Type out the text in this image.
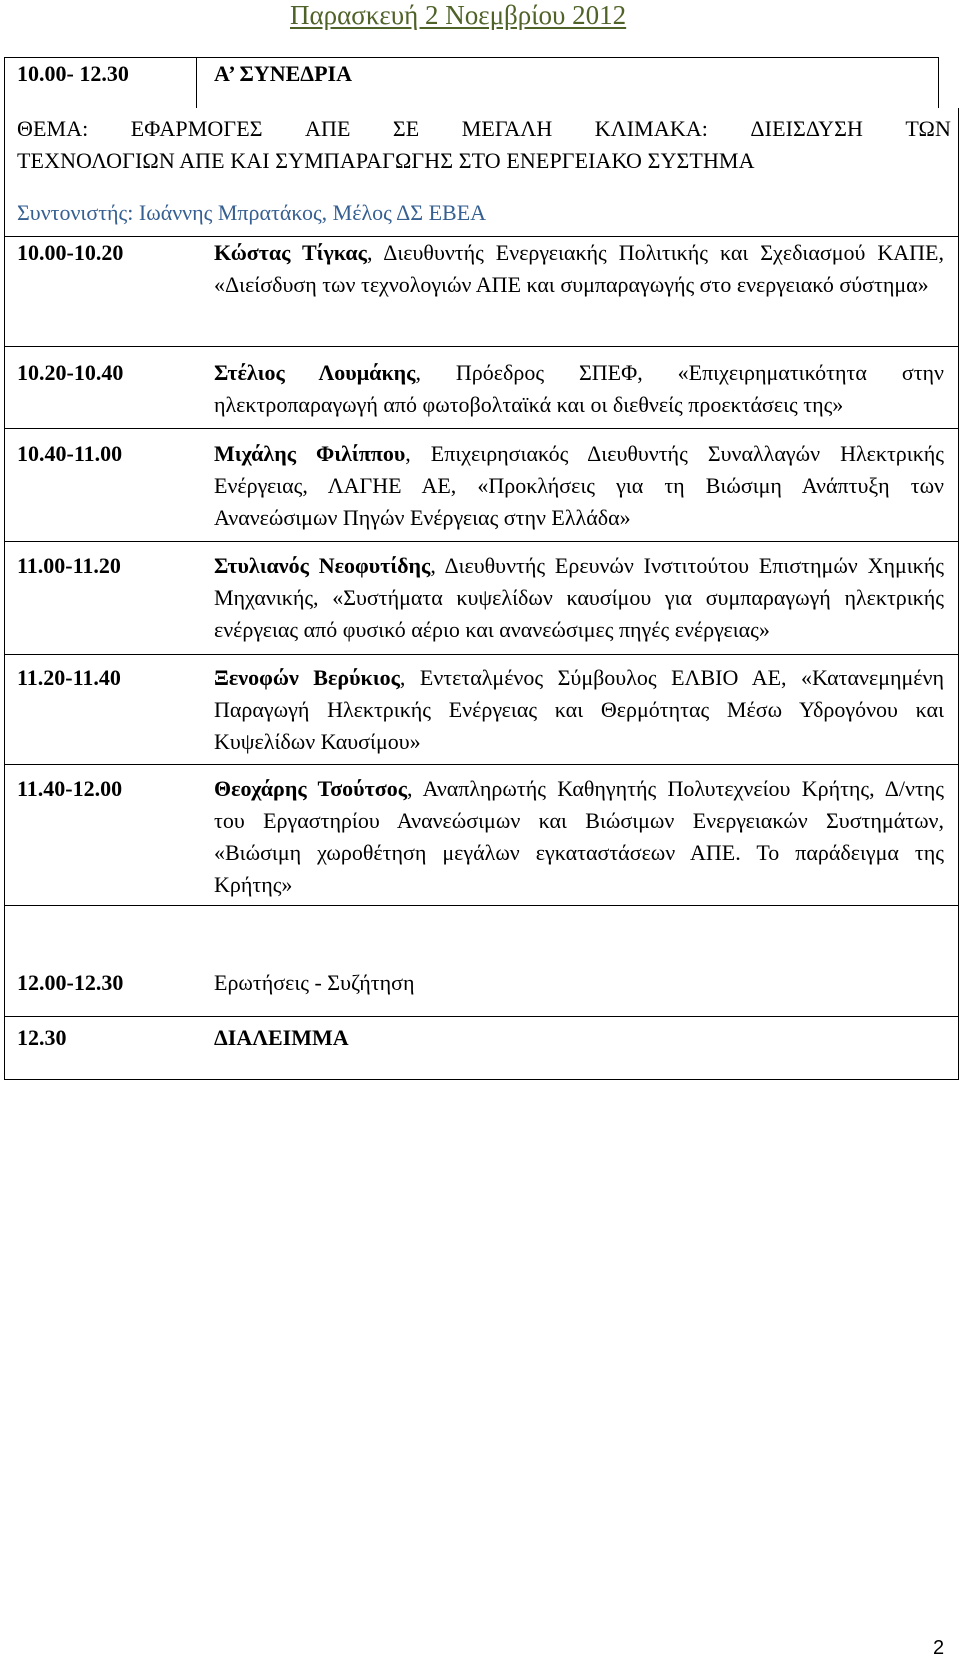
Παρασκευή 2 Νοεμβρίου 2012
10.00- 12.30	Α’ ΣΥΝΕΔΡΙΑ
ΘΕΜΑ: ΕΦΑΡΜΟΓΕΣ ΑΠΕ ΣΕ ΜΕΓΑΛΗ ΚΛΙΜΑΚΑ: ΔΙΕΙΣΔΥΣΗ ΤΩΝ
ΤΕΧΝΟΛΟΓΙΩΝ ΑΠΕ ΚΑΙ ΣΥΜΠΑΡΑΓΩΓΗΣ ΣΤΟ ΕΝΕΡΓΕΙΑΚΟ ΣΥΣΤΗΜΑ
Συντονιστής: Ιωάννης Μπρατάκος, Μέλος ΔΣ ΕΒΕΑ
10.00-10.20	Κώστας Τίγκας, Διευθυντής Ενεργειακής Πολιτικής και Σχεδιασμού ΚΑΠΕ, «Διείσδυση των τεχνολογιών ΑΠΕ και συμπαραγωγής στο ενεργειακό σύστημα»
10.20-10.40	Στέλιος Λουμάκης, Πρόεδρος ΣΠΕΦ, «Επιχειρηματικότητα στην ηλεκτροπαραγωγή από φωτοβολταϊκά και οι διεθνείς προεκτάσεις της»
10.40-11.00	Μιχάλης Φιλίππου, Επιχειρησιακός Διευθυντής Συναλλαγών Ηλεκτρικής Ενέργειας, ΛΑΓΗΕ ΑΕ, «Προκλήσεις για τη Βιώσιμη Ανάπτυξη των Ανανεώσιμων Πηγών Ενέργειας στην Ελλάδα»
11.00-11.20	Στυλιανός Νεοφυτίδης, Διευθυντής Ερευνών Ινστιτούτου Επιστημών Χημικής Μηχανικής, «Συστήματα κυψελίδων καυσίμου για συμπαραγωγή ηλεκτρικής ενέργειας από φυσικό αέριο και ανανεώσιμες πηγές ενέργειας»
11.20-11.40	Ξενοφών Βερύκιος, Εντεταλμένος Σύμβουλος ΕΛΒΙΟ ΑΕ, «Κατανεμημένη Παραγωγή Ηλεκτρικής Ενέργειας και Θερμότητας Μέσω Υδρογόνου και Κυψελίδων Καυσίμου»
11.40-12.00	Θεοχάρης Τσούτσος, Αναπληρωτής Καθηγητής Πολυτεχνείου Κρήτης, Δ/ντης του Εργαστηρίου Ανανεώσιμων και Βιώσιμων Ενεργειακών Συστημάτων, «Βιώσιμη χωροθέτηση μεγάλων εγκαταστάσεων ΑΠΕ. Το παράδειγμα της Κρήτης»
12.00-12.30	Ερωτήσεις - Συζήτηση
12.30	ΔΙΑΛΕΙΜΜΑ
2
